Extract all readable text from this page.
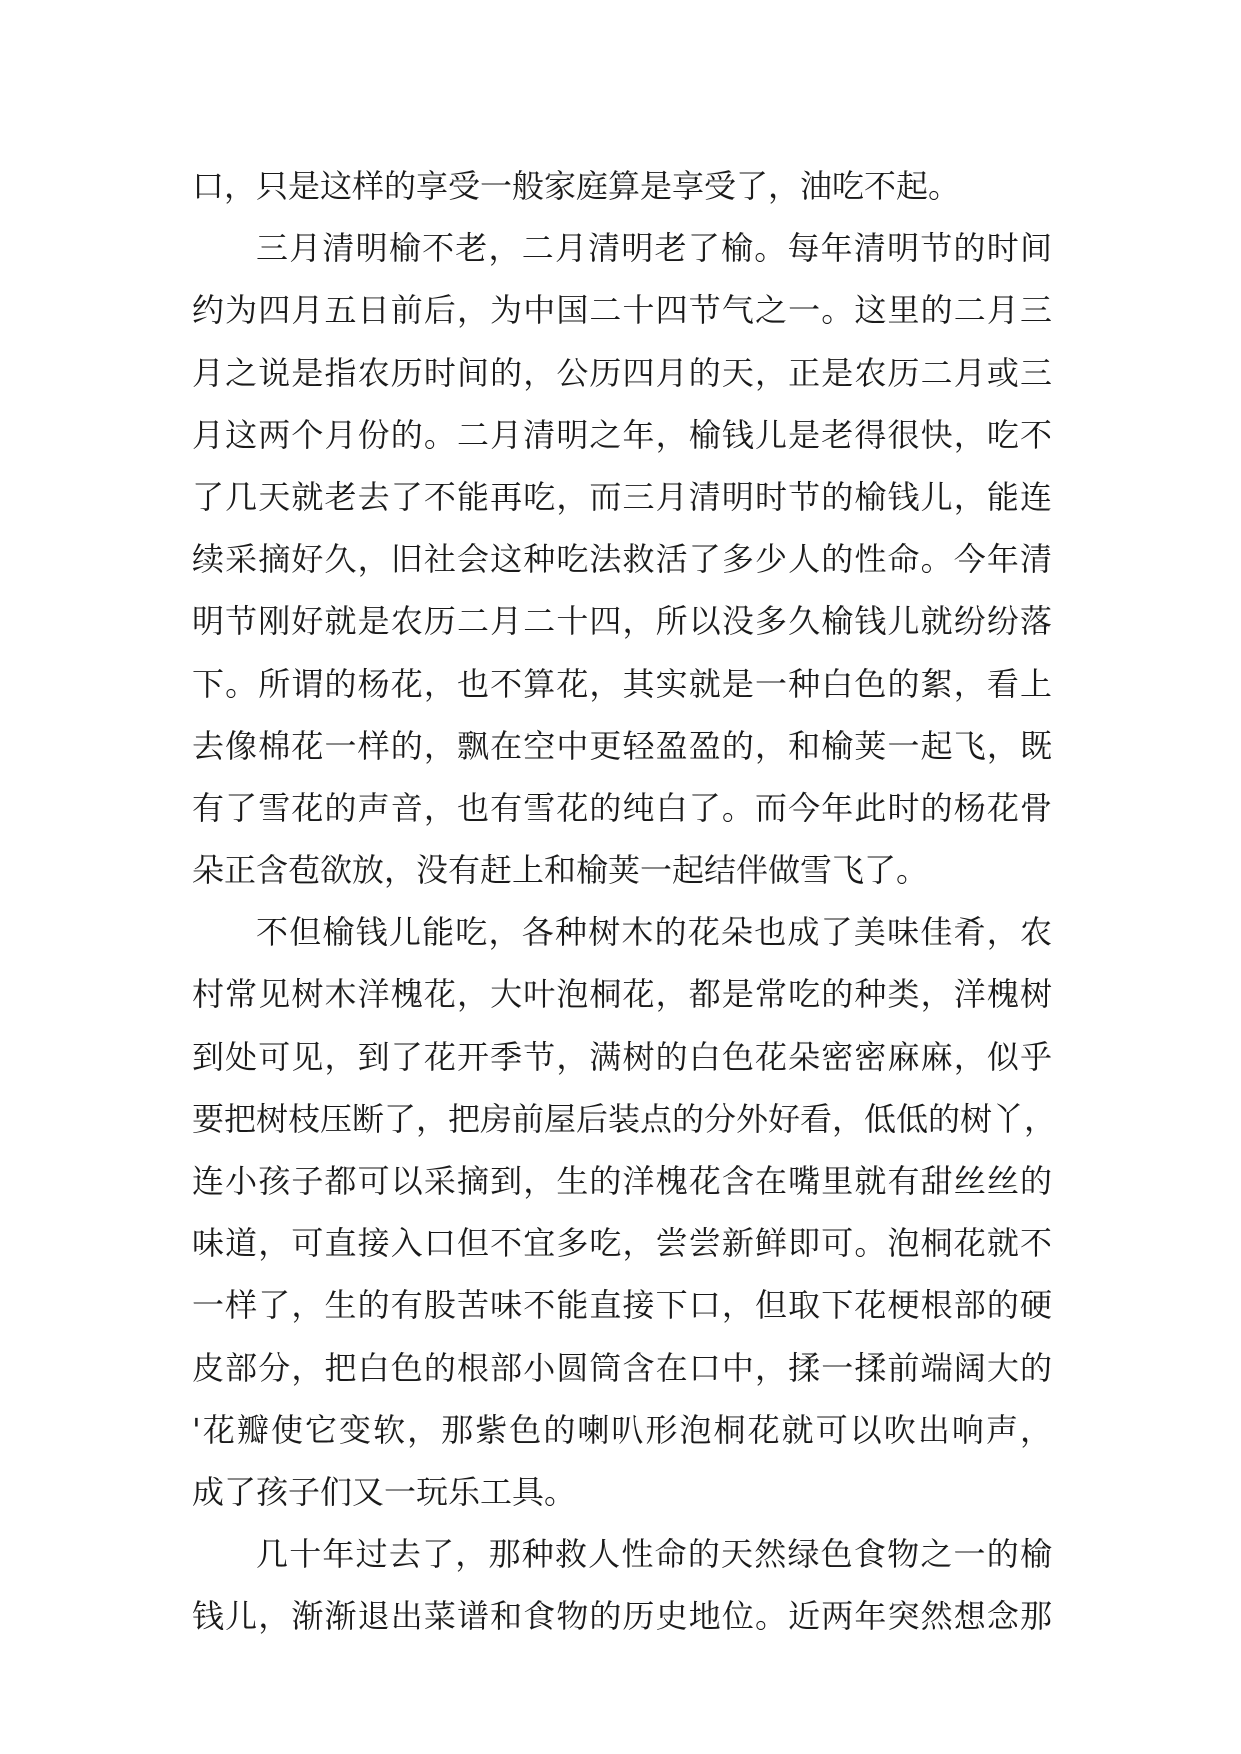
口，只是这样的享受一般家庭算是享受了，油吃不起。
三月清明榆不老，二月清明老了榆。每年清明节的时间
约为四月五日前后，为中国二十四节气之一。这里的二月三
月之说是指农历时间的，公历四月的天，正是农历二月或三
月这两个月份的。二月清明之年，榆钱儿是老得很快，吃不
了几天就老去了不能再吃，而三月清明时节的榆钱儿，能连
续采摘好久，旧社会这种吃法救活了多少人的性命。今年清
明节刚好就是农历二月二十四，所以没多久榆钱儿就纷纷落
下。所谓的杨花，也不算花，其实就是一种白色的絮，看上
去像棉花一样的，飘在空中更轻盈盈的，和榆荚一起飞，既
有了雪花的声音，也有雪花的纯白了。而今年此时的杨花骨
朵正含苞欲放，没有赶上和榆荚一起结伴做雪飞了。
不但榆钱儿能吃，各种树木的花朵也成了美味佳肴，农
村常见树木洋槐花，大叶泡桐花，都是常吃的种类，洋槐树
到处可见，到了花开季节，满树的白色花朵密密麻麻，似乎
要把树枝压断了，把房前屋后装点的分外好看，低低的树丫，
连小孩子都可以采摘到，生的洋槐花含在嘴里就有甜丝丝的
味道，可直接入口但不宜多吃，尝尝新鲜即可。泡桐花就不
一样了，生的有股苦味不能直接下口，但取下花梗根部的硬
皮部分，把白色的根部小圆筒含在口中，揉一揉前端阔大的
'花瓣使它变软，那紫色的喇叭形泡桐花就可以吹出响声，
成了孩子们又一玩乐工具。
几十年过去了，那种救人性命的天然绿色食物之一的榆
钱儿，渐渐退出菜谱和食物的历史地位。近两年突然想念那
